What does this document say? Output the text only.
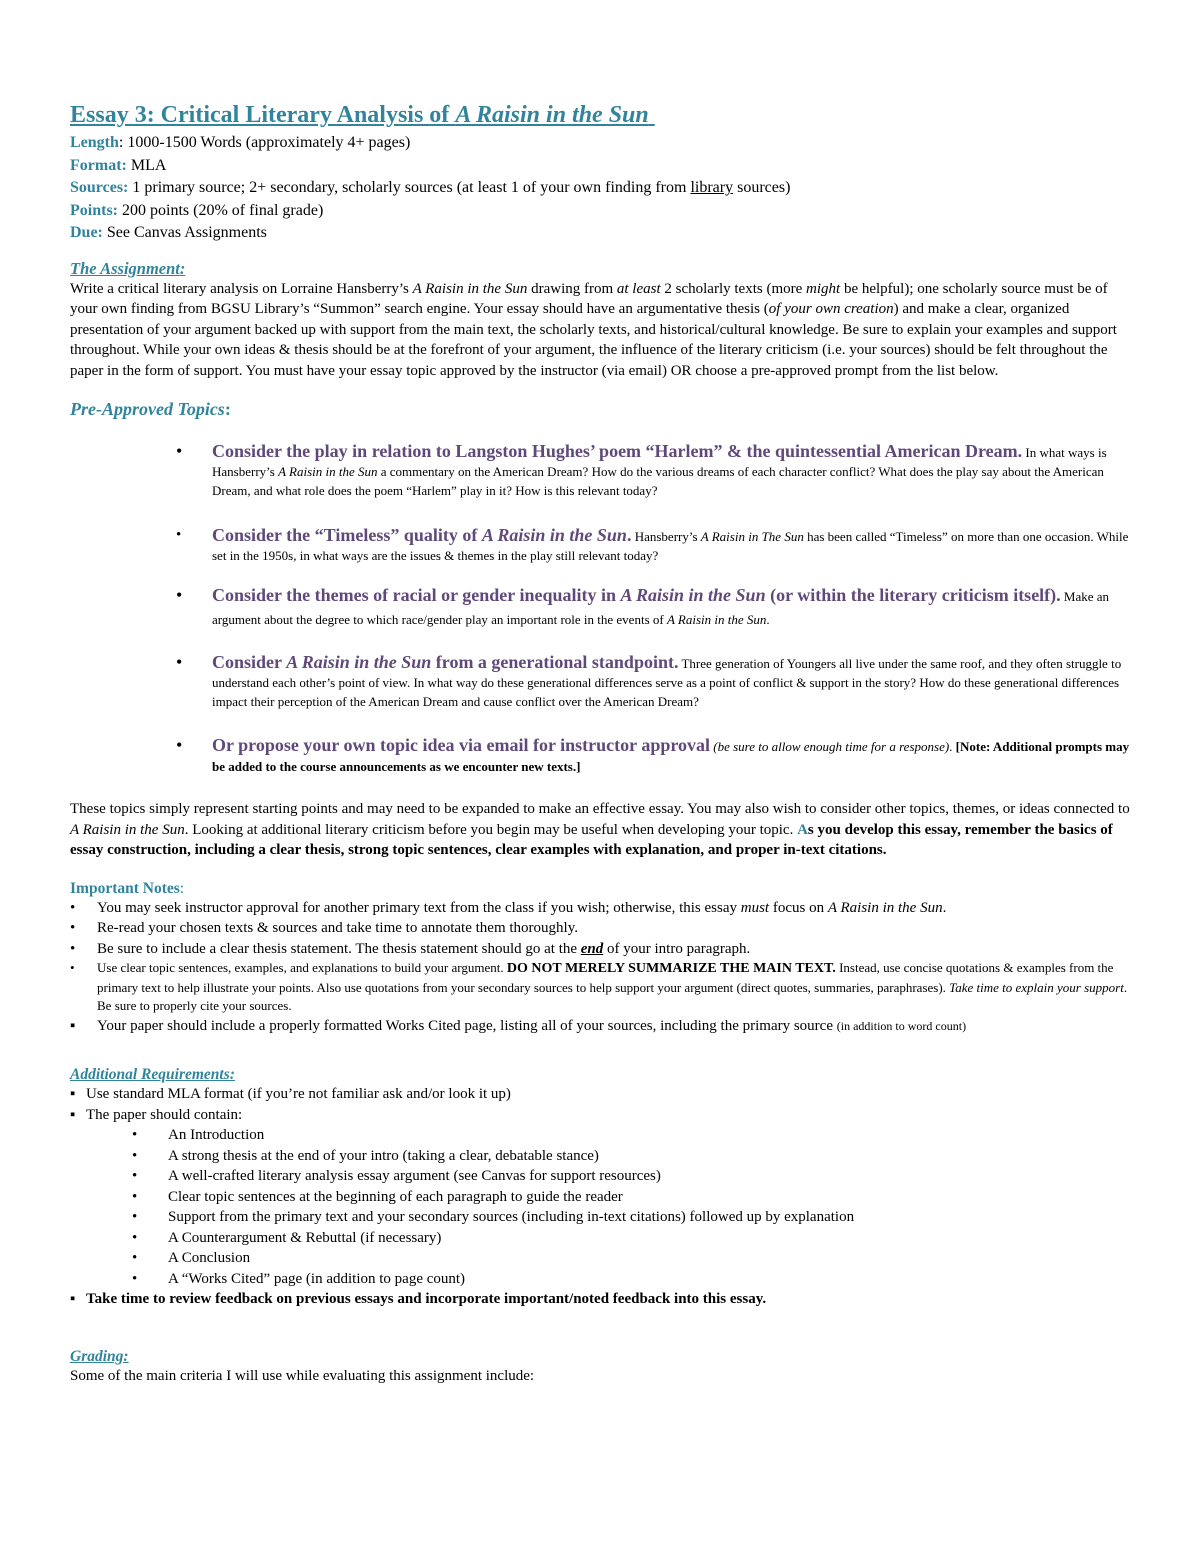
Essay 3: Critical Literary Analysis of A Raisin in the Sun
Length: 1000-1500 Words (approximately 4+ pages)
Format: MLA
Sources: 1 primary source; 2+ secondary, scholarly sources (at least 1 of your own finding from library sources)
Points: 200 points (20% of final grade)
Due: See Canvas Assignments
The Assignment:

Write a critical literary analysis on Lorraine Hansberry’s A Raisin in the Sun drawing from at least 2 scholarly texts (more might be helpful); one scholarly source must be of your own finding from BGSU Library’s “Summon” search engine. Your essay should have an argumentative thesis (of your own creation) and make a clear, organized presentation of your argument backed up with support from the main text, the scholarly texts, and historical/cultural knowledge. Be sure to explain your examples and support throughout. While your own ideas & thesis should be at the forefront of your argument, the influence of the literary criticism (i.e. your sources) should be felt throughout the paper in the form of support. You must have your essay topic approved by the instructor (via email) OR choose a pre-approved prompt from the list below.

Pre-Approved Topics:
• Consider the play in relation to Langston Hughes’ poem “Harlem” & the quintessential American Dream. In what ways is Hansberry’s A Raisin in the Sun a commentary on the American Dream? How do the various dreams of each character conflict? What does the play say about the American Dream, and what role does the poem “Harlem” play in it? How is this relevant today?
• Consider the “Timeless” quality of A Raisin in the Sun. Hansberry’s A Raisin in The Sun has been called “Timeless” on more than one occasion. While set in the 1950s, in what ways are the issues & themes in the play still relevant today?
• Consider the themes of racial or gender inequality in A Raisin in the Sun (or within the literary criticism itself). Make an argument about the degree to which race/gender play an important role in the events of A Raisin in the Sun.
• Consider A Raisin in the Sun from a generational standpoint. Three generation of Youngers all live under the same roof, and they often struggle to understand each other’s point of view. In what way do these generational differences serve as a point of conflict & support in the story? How do these generational differences impact their perception of the American Dream and cause conflict over the American Dream?
• Or propose your own topic idea via email for instructor approval (be sure to allow enough time for a response). [Note: Additional prompts may be added to the course announcements as we encounter new texts.]

These topics simply represent starting points and may need to be expanded to make an effective essay. You may also wish to consider other topics, themes, or ideas connected to A Raisin in the Sun. Looking at additional literary criticism before you begin may be useful when developing your topic. As you develop this essay, remember the basics of essay construction, including a clear thesis, strong topic sentences, clear examples with explanation, and proper in-text citations.

Important Notes:
• You may seek instructor approval for another primary text from the class if you wish; otherwise, this essay must focus on A Raisin in the Sun.
• Re-read your chosen texts & sources and take time to annotate them thoroughly.
• Be sure to include a clear thesis statement. The thesis statement should go at the end of your intro paragraph.
• Use clear topic sentences, examples, and explanations to build your argument. DO NOT MERELY SUMMARIZE THE MAIN TEXT. Instead, use concise quotations & examples from the primary text to help illustrate your points. Also use quotations from your secondary sources to help support your argument (direct quotes, summaries, paraphrases). Take time to explain your support. Be sure to properly cite your sources.
▪ Your paper should include a properly formatted Works Cited page, listing all of your sources, including the primary source (in addition to word count)
Additional Requirements:
▪ Use standard MLA format (if you’re not familiar ask and/or look it up)
▪ The paper should contain:
• An Introduction
• A strong thesis at the end of your intro (taking a clear, debatable stance)
• A well-crafted literary analysis essay argument (see Canvas for support resources)
• Clear topic sentences at the beginning of each paragraph to guide the reader
• Support from the primary text and your secondary sources (including in-text citations) followed up by explanation
• A Counterargument & Rebuttal (if necessary)
• A Conclusion
• A “Works Cited” page (in addition to page count)
▪ Take time to review feedback on previous essays and incorporate important/noted feedback into this essay.
Grading:
Some of the main criteria I will use while evaluating this assignment include:
